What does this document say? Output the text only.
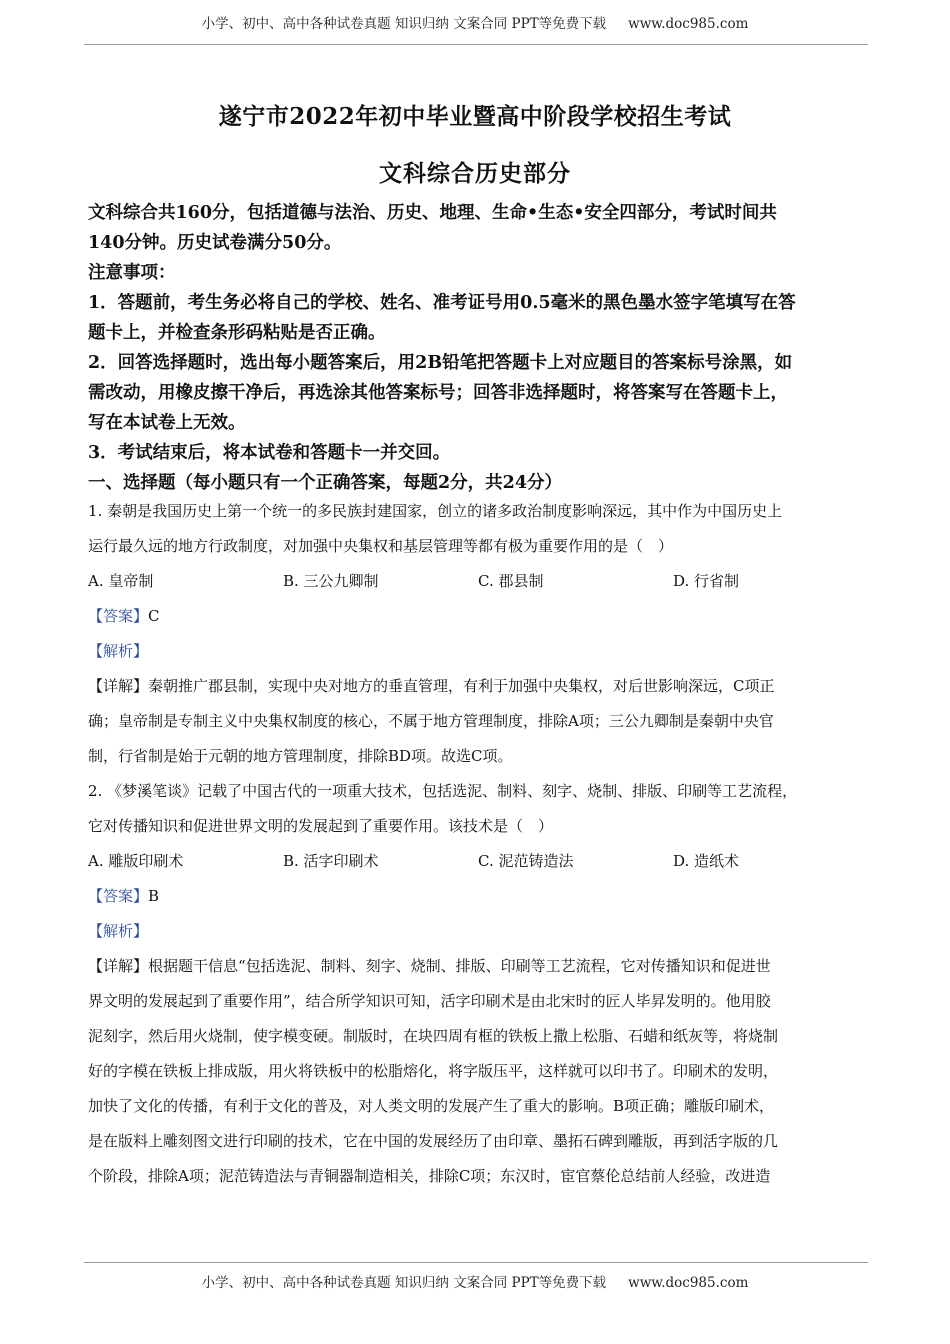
小学、初中、高中各种试卷真题 知识归纳 文案合同 PPT等免费下载 www.doc985.com
遂宁市2022年初中毕业暨高中阶段学校招生考试
文科综合历史部分

文科综合共160分，包括道德与法治、历史、地理、生命•生态•安全四部分，考试时间共

140分钟。历史试卷满分50分。

注意事项：

1．答题前，考生务必将自己的学校、姓名、准考证号用0.5毫米的黑色墨水签字笔填写在答

题卡上，并检查条形码粘贴是否正确。

2．回答选择题时，选出每小题答案后，用2B铅笔把答题卡上对应题目的答案标号涂黑，如

需改动，用橡皮擦干净后，再选涂其他答案标号；回答非选择题时，将答案写在答题卡上，

写在本试卷上无效。

3．考试结束后，将本试卷和答题卡一并交回。

一、选择题（每小题只有一个正确答案，每题2分，共24分）

1. 秦朝是我国历史上第一个统一的多民族封建国家，创立的诸多政治制度影响深远，其中作为中国历史上

运行最久远的地方行政制度，对加强中央集权和基层管理等都有极为重要作用的是（　）

A. 皇帝制	B. 三公九卿制	C. 郡县制	D. 行省制

【答案】C

【解析】

【详解】秦朝推广郡县制，实现中央对地方的垂直管理，有利于加强中央集权，对后世影响深远，C项正

确；皇帝制是专制主义中央集权制度的核心，不属于地方管理制度，排除A项；三公九卿制是秦朝中央官

制，行省制是始于元朝的地方管理制度，排除BD项。故选C项。

2. 《梦溪笔谈》记载了中国古代的一项重大技术，包括选泥、制料、刻字、烧制、排版、印刷等工艺流程，

它对传播知识和促进世界文明的发展起到了重要作用。该技术是（　）

A. 雕版印刷术	B. 活字印刷术	C. 泥范铸造法	D. 造纸术

【答案】B

【解析】

【详解】根据题干信息“包括选泥、制料、刻字、烧制、排版、印刷等工艺流程，它对传播知识和促进世

界文明的发展起到了重要作用”，结合所学知识可知，活字印刷术是由北宋时的匠人毕昇发明的。他用胶

泥刻字，然后用火烧制，使字模变硬。制版时，在块四周有框的铁板上撒上松脂、石蜡和纸灰等，将烧制

好的字模在铁板上排成版，用火将铁板中的松脂熔化，将字版压平，这样就可以印书了。印刷术的发明，

加快了文化的传播，有利于文化的普及，对人类文明的发展产生了重大的影响。B项正确；雕版印刷术，

是在版料上雕刻图文进行印刷的技术，它在中国的发展经历了由印章、墨拓石碑到雕版，再到活字版的几

个阶段，排除A项；泥范铸造法与青铜器制造相关，排除C项；东汉时，宦官蔡伦总结前人经验，改进造

小学、初中、高中各种试卷真题 知识归纳 文案合同 PPT等免费下载 www.doc985.com
